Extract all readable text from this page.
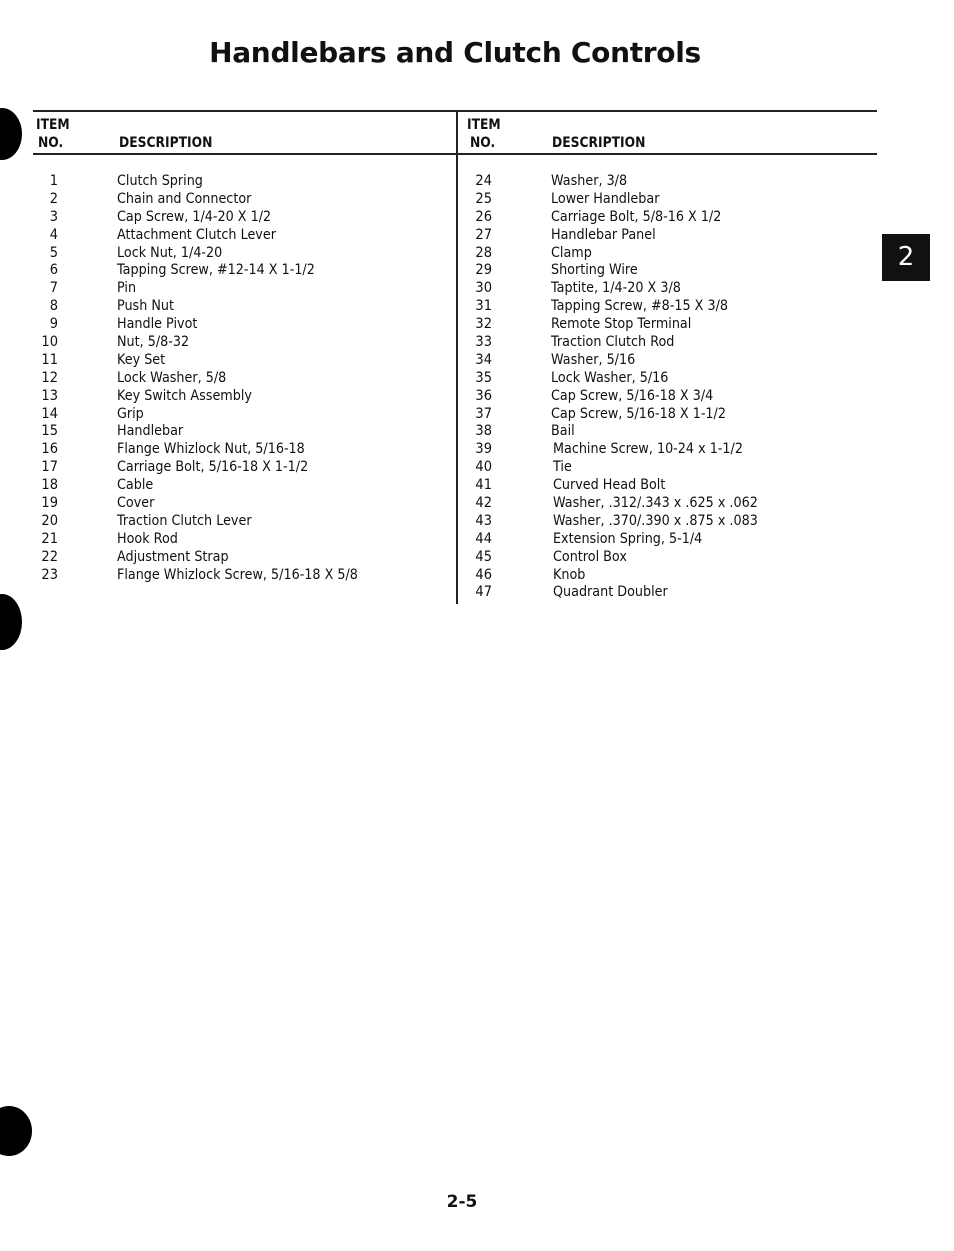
Handlebars and Clutch Controls
2
ITEM
NO.	DESCRIPTION
ITEM
NO.	DESCRIPTION
1	Clutch Spring
2	Chain and Connector
3	Cap Screw, 1/4-20 X 1/2
4	Attachment Clutch Lever
5	Lock Nut, 1/4-20
6	Tapping Screw, #12-14 X 1-1/2
7	Pin
8	Push Nut
9	Handle Pivot
10	Nut, 5/8-32
11	Key Set
12	Lock Washer, 5/8
13	Key Switch Assembly
14	Grip
15	Handlebar
16	Flange Whizlock Nut, 5/16-18
17	Carriage Bolt, 5/16-18 X 1-1/2
18	Cable
19	Cover
20	Traction Clutch Lever
21	Hook Rod
22	Adjustment Strap
23	Flange Whizlock Screw, 5/16-18 X 5/8
24	Washer, 3/8
25	Lower Handlebar
26	Carriage Bolt, 5/8-16 X 1/2
27	Handlebar Panel
28	Clamp
29	Shorting Wire
30	Taptite, 1/4-20 X 3/8
31	Tapping Screw, #8-15 X 3/8
32	Remote Stop Terminal
33	Traction Clutch Rod
34	Washer, 5/16
35	Lock Washer, 5/16
36	Cap Screw, 5/16-18 X 3/4
37	Cap Screw, 5/16-18 X 1-1/2
38	Bail
39	Machine Screw, 10-24 x 1-1/2
40	Tie
41	Curved Head Bolt
42	Washer, .312/.343 x .625 x .062
43	Washer, .370/.390 x .875 x .083
44	Extension Spring, 5-1/4
45	Control Box
46	Knob
47	Quadrant Doubler
2-5
